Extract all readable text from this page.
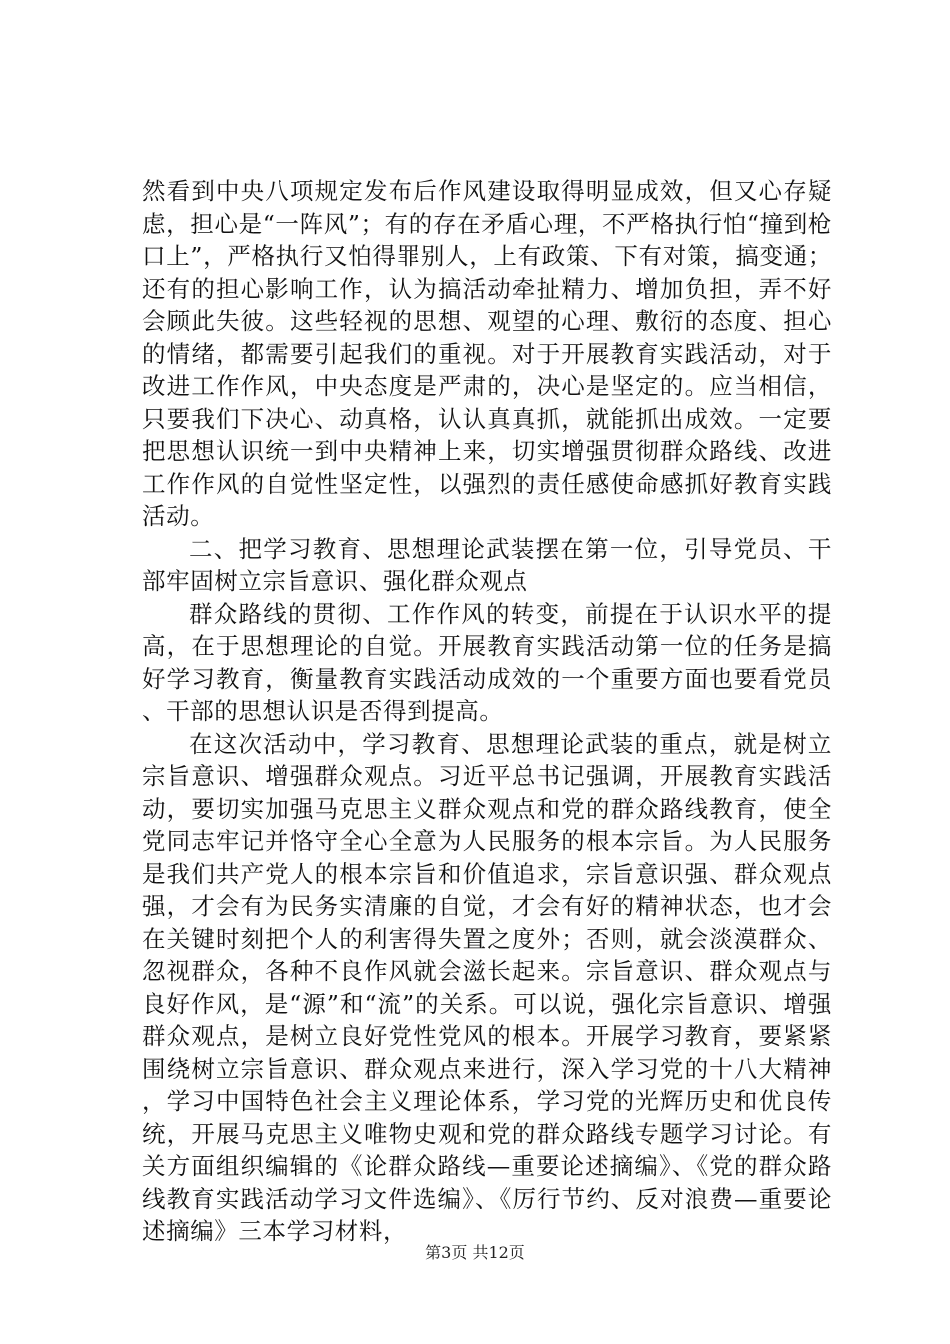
然看到中央八项规定发布后作风建设取得明显成效，但又心存疑虑，担心是“一阵风”；有的存在矛盾心理，不严格执行怕“撞到枪口上”，严格执行又怕得罪别人，上有政策、下有对策，搞变通；还有的担心影响工作，认为搞活动牵扯精力、增加负担，弄不好会顾此失彼。这些轻视的思想、观望的心理、敷衍的态度、担心的情绪，都需要引起我们的重视。对于开展教育实践活动，对于改进工作作风，中央态度是严肃的，决心是坚定的。应当相信，只要我们下决心、动真格，认认真真抓，就能抓出成效。一定要把思想认识统一到中央精神上来，切实增强贯彻群众路线、改进工作作风的自觉性坚定性，以强烈的责任感使命感抓好教育实践活动。

二、把学习教育、思想理论武装摆在第一位，引导党员、干部牢固树立宗旨意识、强化群众观点

群众路线的贯彻、工作作风的转变，前提在于认识水平的提高，在于思想理论的自觉。开展教育实践活动第一位的任务是搞好学习教育，衡量教育实践活动成效的一个重要方面也要看党员、干部的思想认识是否得到提高。

在这次活动中，学习教育、思想理论武装的重点，就是树立宗旨意识、增强群众观点。习近平总书记强调，开展教育实践活动，要切实加强马克思主义群众观点和党的群众路线教育，使全党同志牢记并恪守全心全意为人民服务的根本宗旨。为人民服务是我们共产党人的根本宗旨和价值追求，宗旨意识强、群众观点强，才会有为民务实清廉的自觉，才会有好的精神状态，也才会在关键时刻把个人的利害得失置之度外；否则，就会淡漠群众、忽视群众，各种不良作风就会滋长起来。宗旨意识、群众观点与良好作风，是“源”和“流”的关系。可以说，强化宗旨意识、增强群众观点，是树立良好党性党风的根本。开展学习教育，要紧紧围绕树立宗旨意识、群众观点来进行，深入学习党的十八大精神，学习中国特色社会主义理论体系，学习党的光辉历史和优良传统，开展马克思主义唯物史观和党的群众路线专题学习讨论。有关方面组织编辑的《论群众路线—重要论述摘编》、《党的群众路线教育实践活动学习文件选编》、《厉行节约、反对浪费—重要论述摘编》三本学习材料，

第3页 共12页
